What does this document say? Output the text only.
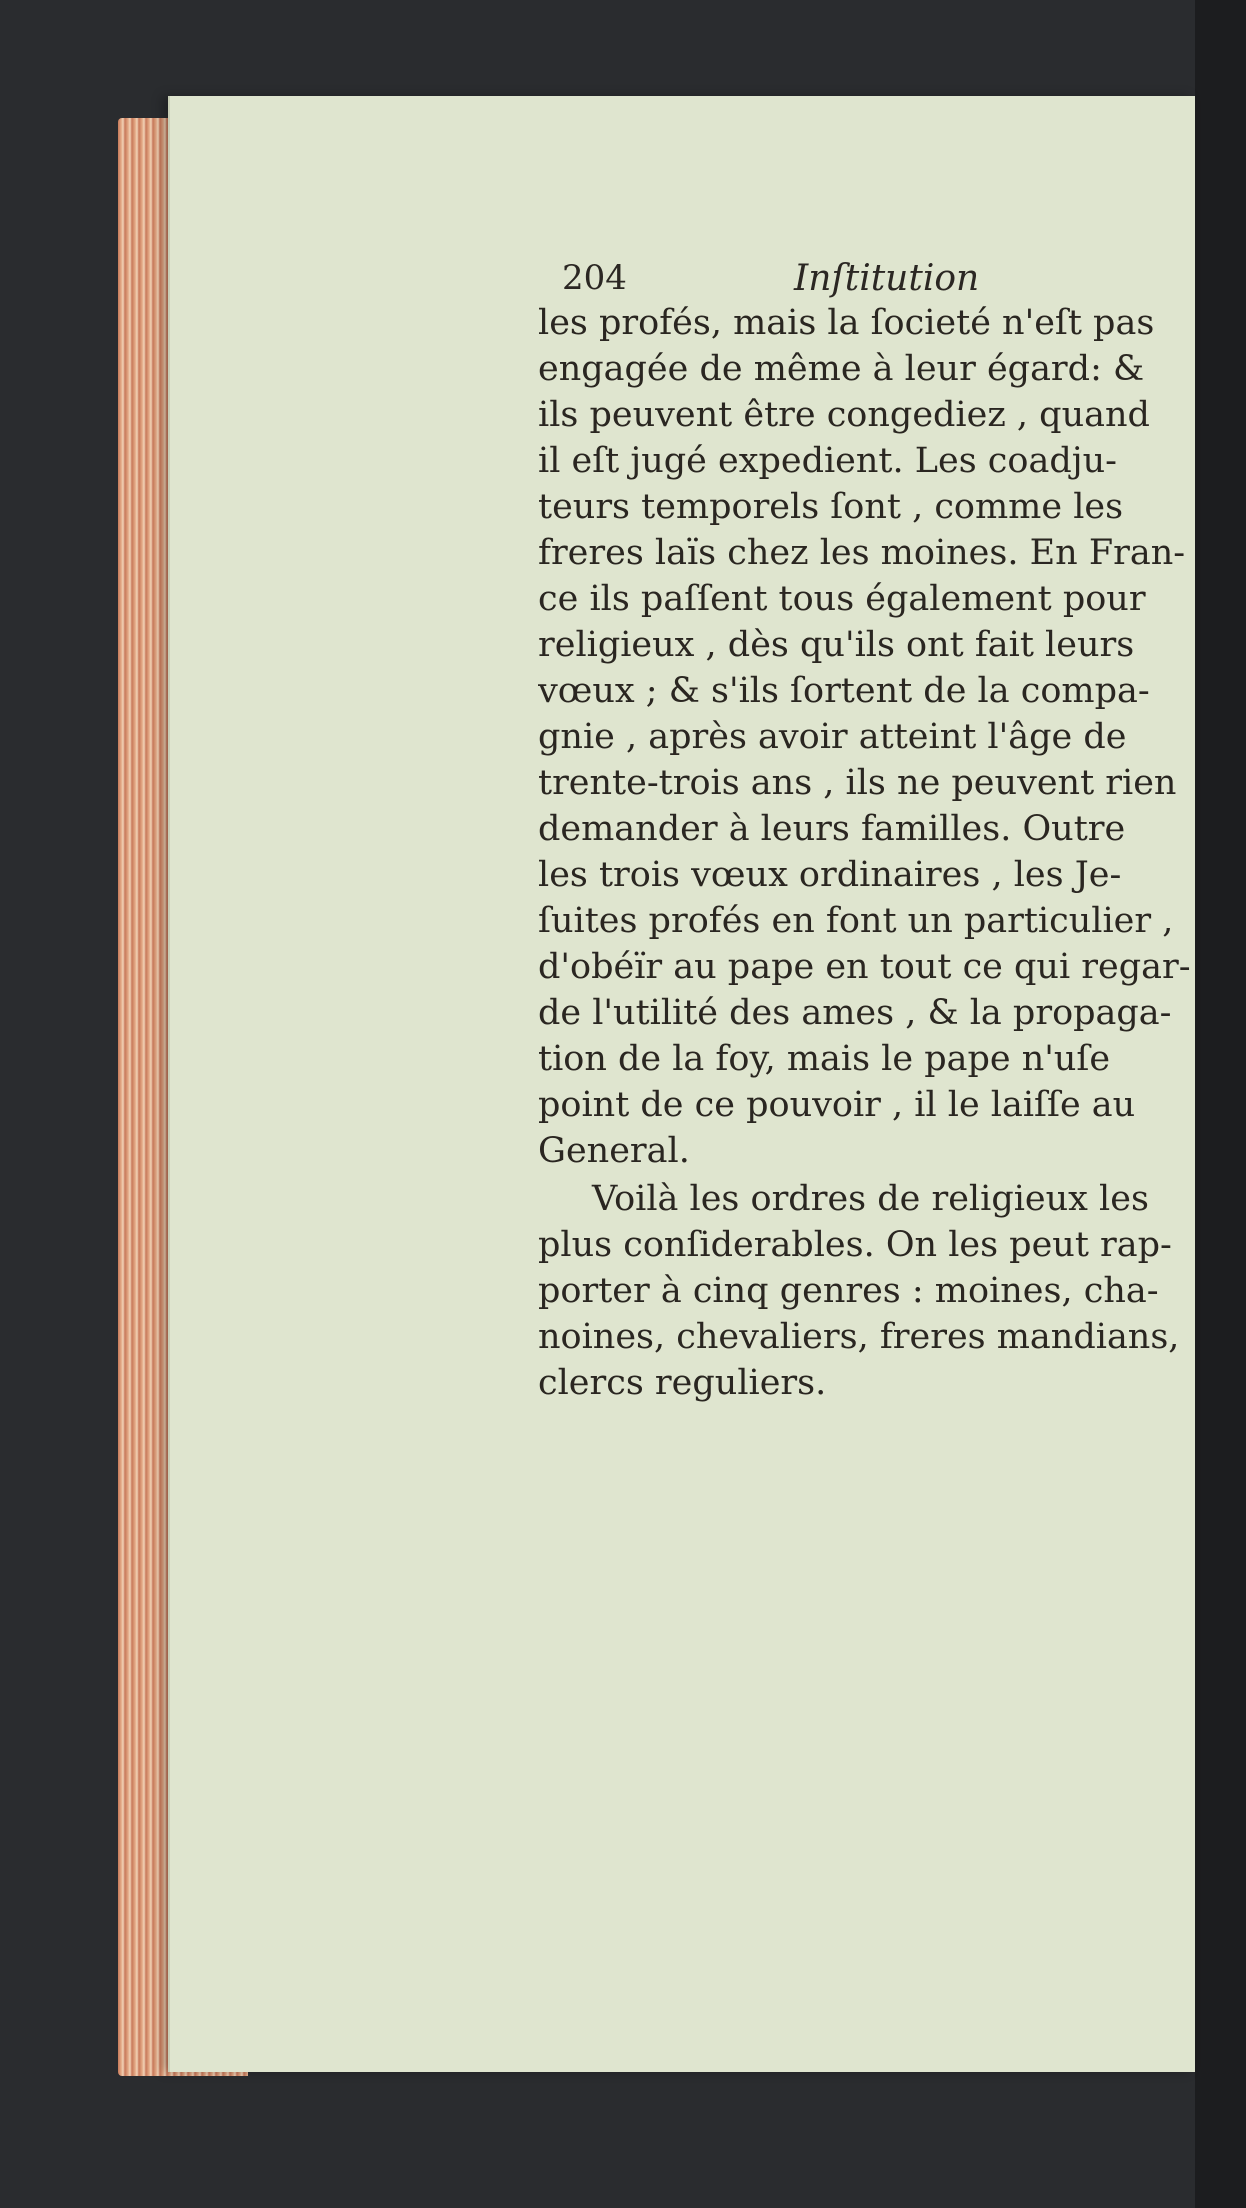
204	Inſtitution
les profés, mais la ſocieté n'eſt pas
engagée de même à leur égard: &
ils peuvent être congediez , quand
il eſt jugé expedient. Les coadju-
teurs temporels ſont , comme les
freres laïs chez les moines. En Fran-
ce ils paſſent tous également pour
religieux , dès qu'ils ont fait leurs
vœux ; & s'ils ſortent de la compa-
gnie , après avoir atteint l'âge de
trente-trois ans , ils ne peuvent rien
demander à leurs familles. Outre
les trois vœux ordinaires , les Je-
ſuites profés en font un particulier ,
d'obéïr au pape en tout ce qui regar-
de l'utilité des ames , & la propaga-
tion de la foy, mais le pape n'uſe
point de ce pouvoir , il le laiſſe au
General.
Voilà les ordres de religieux les
plus conſiderables. On les peut rap-
porter à cinq genres : moines, cha-
noines, chevaliers, freres mandians,
clercs reguliers.
